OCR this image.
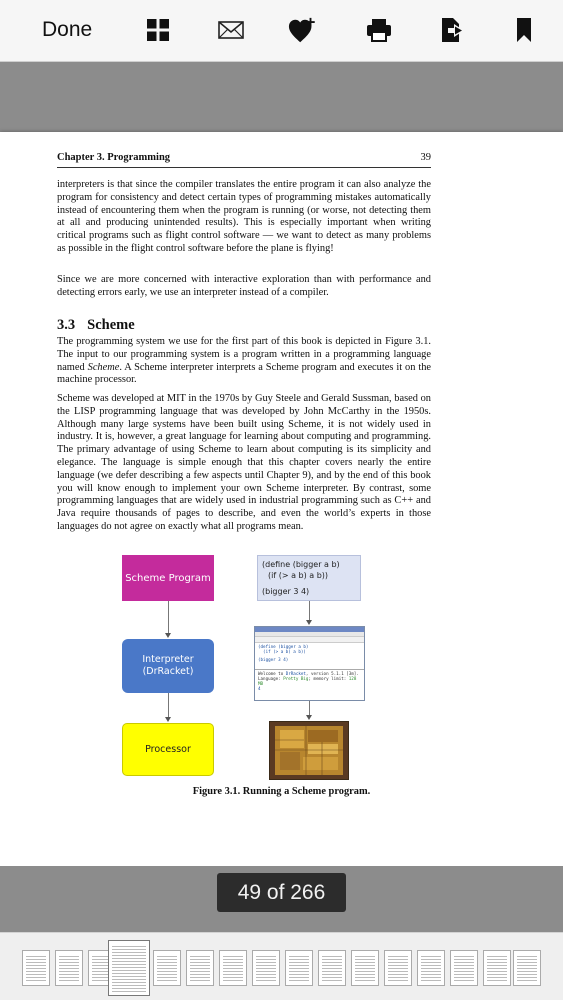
Done
Chapter 3. Programming	39

interpreters is that since the compiler translates the entire program it can also analyze the program for consistency and detect certain types of programming mistakes automatically instead of encountering them when the program is running (or worse, not detecting them at all and producing unintended results). This is especially important when writing critical programs such as flight control software — we want to detect as many problems as possible in the flight control software before the plane is flying!

Since we are more concerned with interactive exploration than with performance and detecting errors early, we use an interpreter instead of a compiler.

3.3 Scheme

The programming system we use for the first part of this book is depicted in Figure 3.1. The input to our programming system is a program written in a programming language named Scheme. A Scheme interpreter interprets a Scheme program and executes it on the machine processor.

Scheme was developed at MIT in the 1970s by Guy Steele and Gerald Sussman, based on the LISP programming language that was developed by John McCarthy in the 1950s. Although many large systems have been built using Scheme, it is not widely used in industry. It is, however, a great language for learning about computing and programming. The primary advantage of using Scheme to learn about computing is its simplicity and elegance. The language is simple enough that this chapter covers nearly the entire language (we defer describing a few aspects until Chapter 9), and by the end of this book you will know enough to implement your own Scheme interpreter. By contrast, some programming languages that are widely used in industrial programming such as C++ and Java require thousands of pages to describe, and even the world’s experts in those languages do not agree on exactly what all programs mean.

Scheme Program
Interpreter
(DrRacket)
Processor
(define (bigger a b)
(if (> a b) a b))
(bigger 3 4)
(define (bigger a b)
(if (> a b) a b))
(bigger 3 4)
Welcome to DrRacket, version 5.1.1 [3m].
Language: Pretty Big; memory limit: 128 MB
4
Figure 3.1. Running a Scheme program.
49 of 266
